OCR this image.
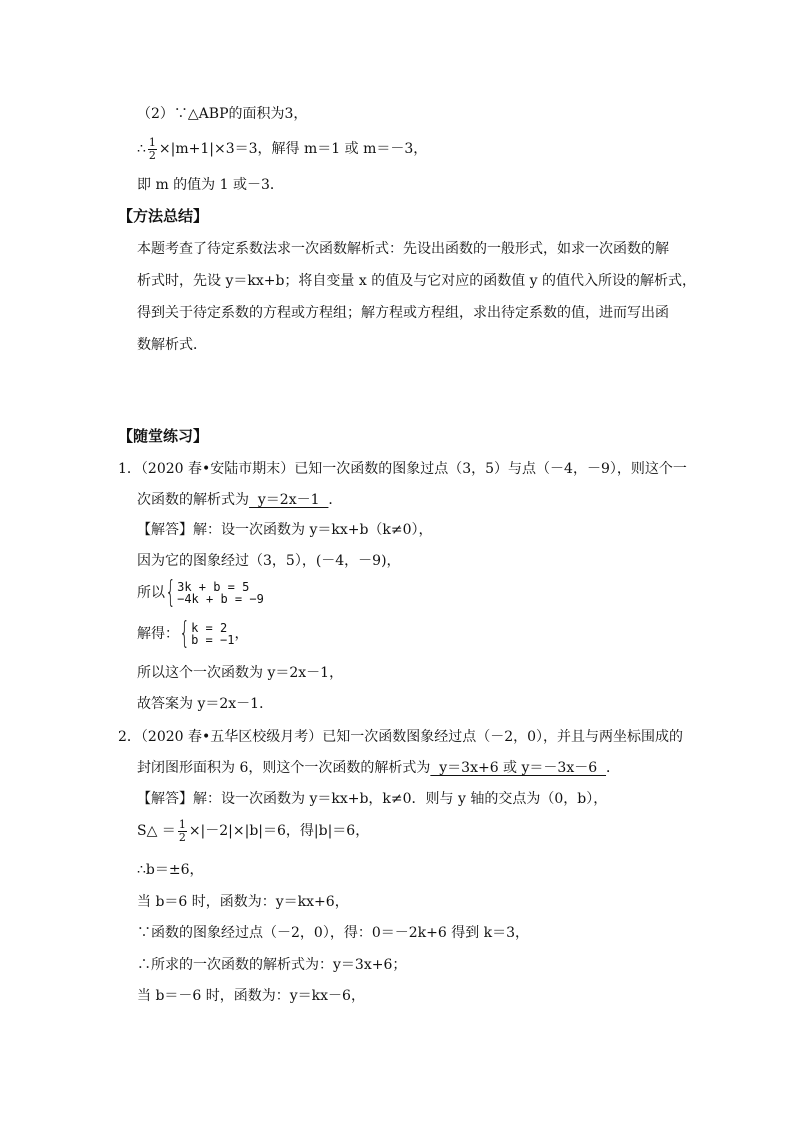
（2）∵△ABP的面积为3，
∴ $\frac{1}{2} \times|m+1|\times 3=3$，解得 m＝1 或 m＝－3，
即 m 的值为 1 或－3．
【方法总结】
本题考查了待定系数法求一次函数解析式：先设出函数的一般形式，如求一次函数的解
析式时，先设 y＝kx+b；将自变量 x 的值及与它对应的函数值 y 的值代入所设的解析式，
得到关于待定系数的方程或方程组；解方程或方程组，求出待定系数的值，进而写出函
数解析式．
【随堂练习】
1．（2020 春•安陆市期末）已知一次函数的图象过点（3，5）与点（－4，－9），则这个一
次函数的解析式为  y＝2x－1  ．
【解答】解：设一次函数为 y＝kx+b（k≠0），
因为它的图象经过（3，5），(－4，－9)，
所以{ 3k + b = 5
−4k + b = −9
解得：{ k = 2
b = −1 ，
所以这个一次函数为 y＝2x－1，
故答案为 y＝2x－1．
2．（2020 春•五华区校级月考）已知一次函数图象经过点（－2，0），并且与两坐标围成的
封闭图形面积为 6，则这个一次函数的解析式为  y＝3x+6 或 y＝－3x－6  ．
【解答】解：设一次函数为 y＝kx+b，k≠0．则与 y 轴的交点为（0，b），
S△ ＝ $\frac{1}{2} \times|-2|\times|b|=6$，得|b|＝6，
∴b＝±6，
当 b＝6 时，函数为：y＝kx+6，
∵函数的图象经过点（－2，0），得：0＝－2k+6 得到 k＝3，
∴所求的一次函数的解析式为：y＝3x+6；
当 b＝－6 时，函数为：y＝kx－6，
